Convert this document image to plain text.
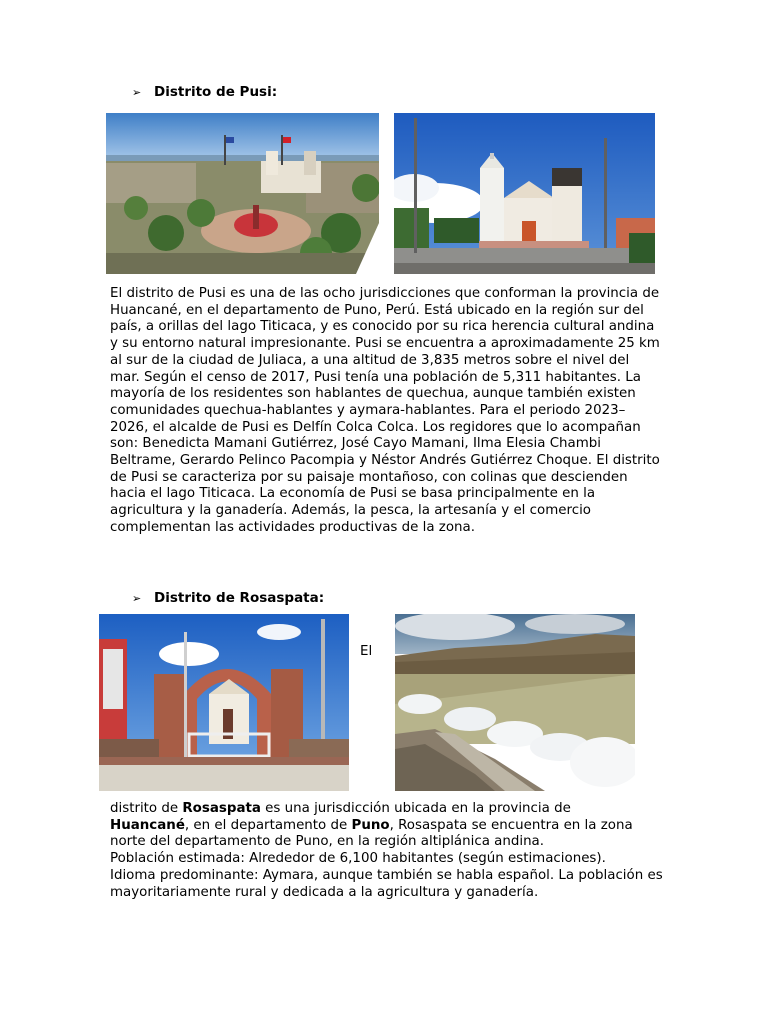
➢ Distrito de Pusi:
El distrito de Pusi es una de las ocho jurisdicciones que conforman la provincia de Huancané, en el departamento de Puno, Perú. Está ubicado en la región sur del país, a orillas del lago Titicaca, y es conocido por su rica herencia cultural andina y su entorno natural impresionante. Pusi se encuentra a aproximadamente 25 km al sur de la ciudad de Juliaca, a una altitud de 3,835 metros sobre el nivel del mar. Según el censo de 2017, Pusi tenía una población de 5,311 habitantes. La mayoría de los residentes son hablantes de quechua, aunque también existen comunidades quechua-hablantes y aymara-hablantes. Para el periodo 2023–2026, el alcalde de Pusi es Delfín Colca Colca. Los regidores que lo acompañan son: Benedicta Mamani Gutiérrez, José Cayo Mamani, Ilma Elesia Chambi Beltrame, Gerardo Pelinco Pacompia y Néstor Andrés Gutiérrez Choque. El distrito de Pusi se caracteriza por su paisaje montañoso, con colinas que descienden hacia el lago Titicaca. La economía de Pusi se basa principalmente en la agricultura y la ganadería. Además, la pesca, la artesanía y el comercio complementan las actividades productivas de la zona.
➢ Distrito de Rosaspata:
El
distrito de Rosaspata es una jurisdicción ubicada en la provincia de
Huancané, en el departamento de Puno, Rosaspata se encuentra en la zona norte del departamento de Puno, en la región altiplánica andina.
Población estimada: Alrededor de 6,100 habitantes (según estimaciones).
Idioma predominante: Aymara, aunque también se habla español. La población es mayoritariamente rural y dedicada a la agricultura y ganadería.
